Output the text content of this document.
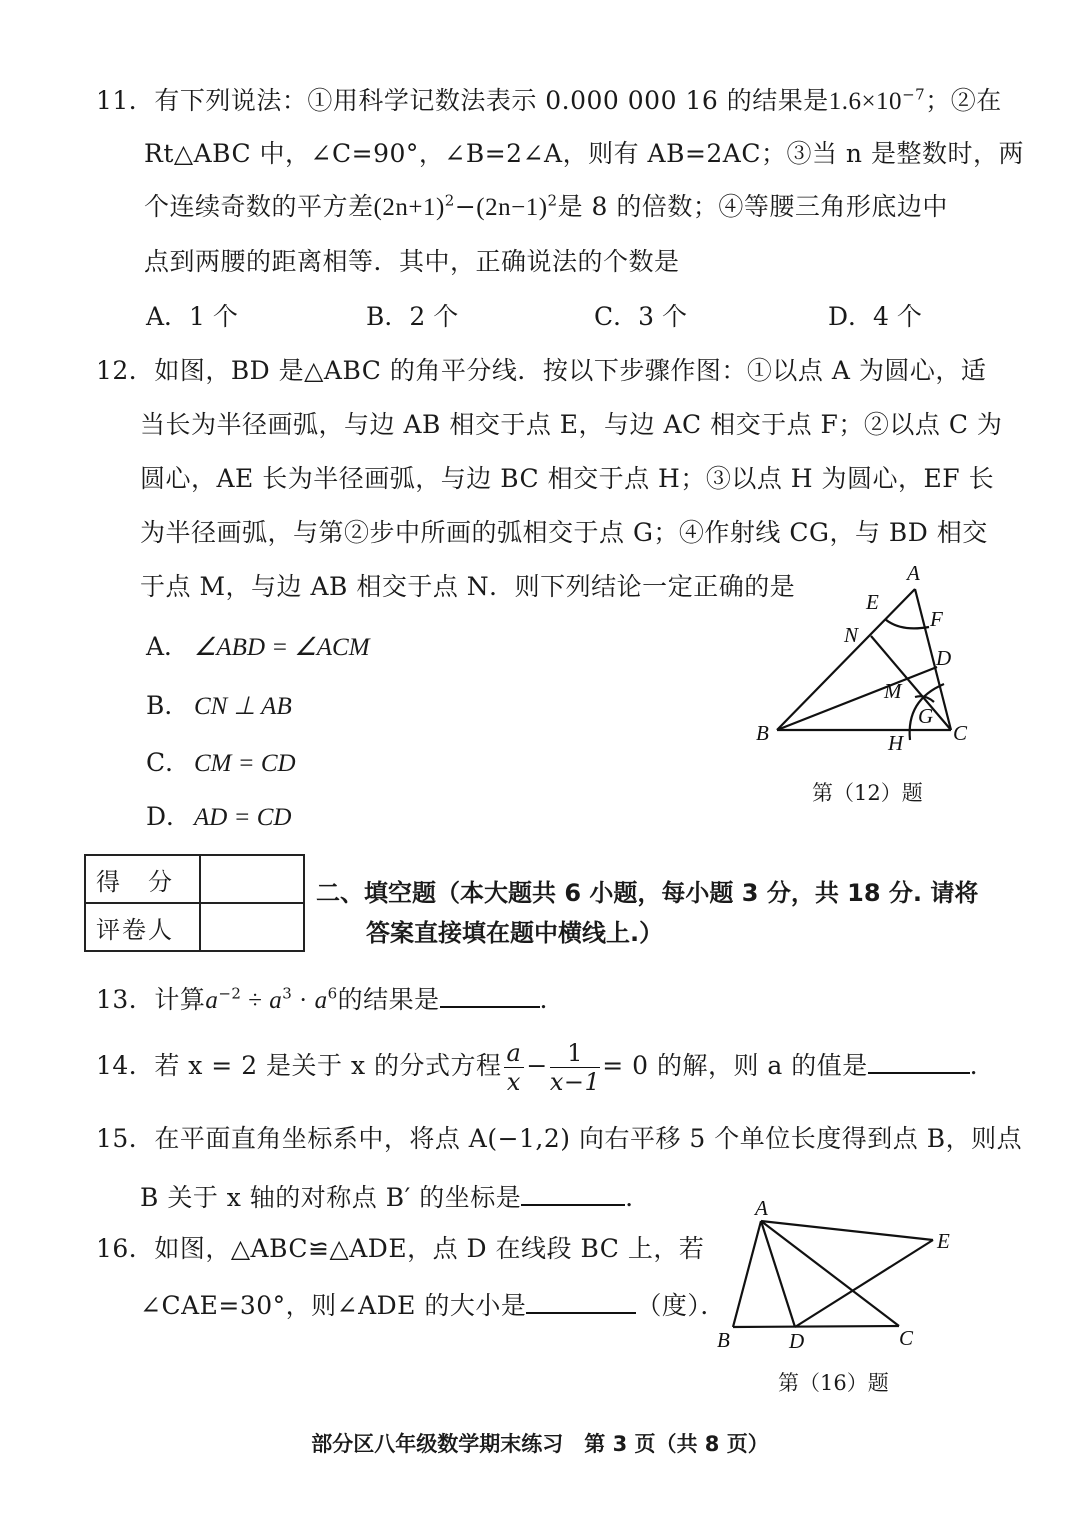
11．有下列说法：①用科学记数法表示 0.000 000 16 的结果是$1.6\times 10^{-7}$；②在
Rt△ABC 中，∠C=90°，∠B=2∠A，则有 AB=2AC；③当 n 是整数时，两
个连续奇数的平方差$(2n+1)^2-(2n-1)^2$是 8 的倍数；④等腰三角形底边中
点到两腰的距离相等．其中，正确说法的个数是
A．1 个	B．2 个	C．3 个	D．4 个
12．如图，BD 是△ABC 的角平分线．按以下步骤作图：①以点 A 为圆心，适
当长为半径画弧，与边 AB 相交于点 E，与边 AC 相交于点 F；②以点 C 为
圆心，AE 长为半径画弧，与边 BC 相交于点 H；③以点 H 为圆心，EF 长
为半径画弧，与第②步中所画的弧相交于点 G；④作射线 CG，与 BD 相交
于点 M，与边 AB 相交于点 N．则下列结论一定正确的是
A． ∠ABD = ∠ACM
B． CN ⊥ AB
C． CM = CD
D． AD = CD
A
B	C
D
E
F
N
M
G
H
A
B	C
D
E
第（12）题
得　分	
评卷人	
二、填空题（本大题共 6 小题，每小题 3 分，共 18 分. 请将
答案直接填在题中横线上.）
13．计算$a^{-2} \div a^3 \cdot a^6$的结果是	．
14．若 x = 2 是关于 x 的分式方程 $\frac{a}{x} - \frac{1}{x-1} = 0$ 的解，则 a 的值是	．
15．在平面直角坐标系中，将点 A(−1,2) 向右平移 5 个单位长度得到点 B，则点
B 关于 x 轴的对称点 B′ 的坐标是	．
16．如图，△ABC≌△ADE，点 D 在线段 BC 上，若
∠CAE=30°，则∠ADE 的大小是	（度）．
第（16）题
部分区八年级数学期末练习　第 3 页（共 8 页）
